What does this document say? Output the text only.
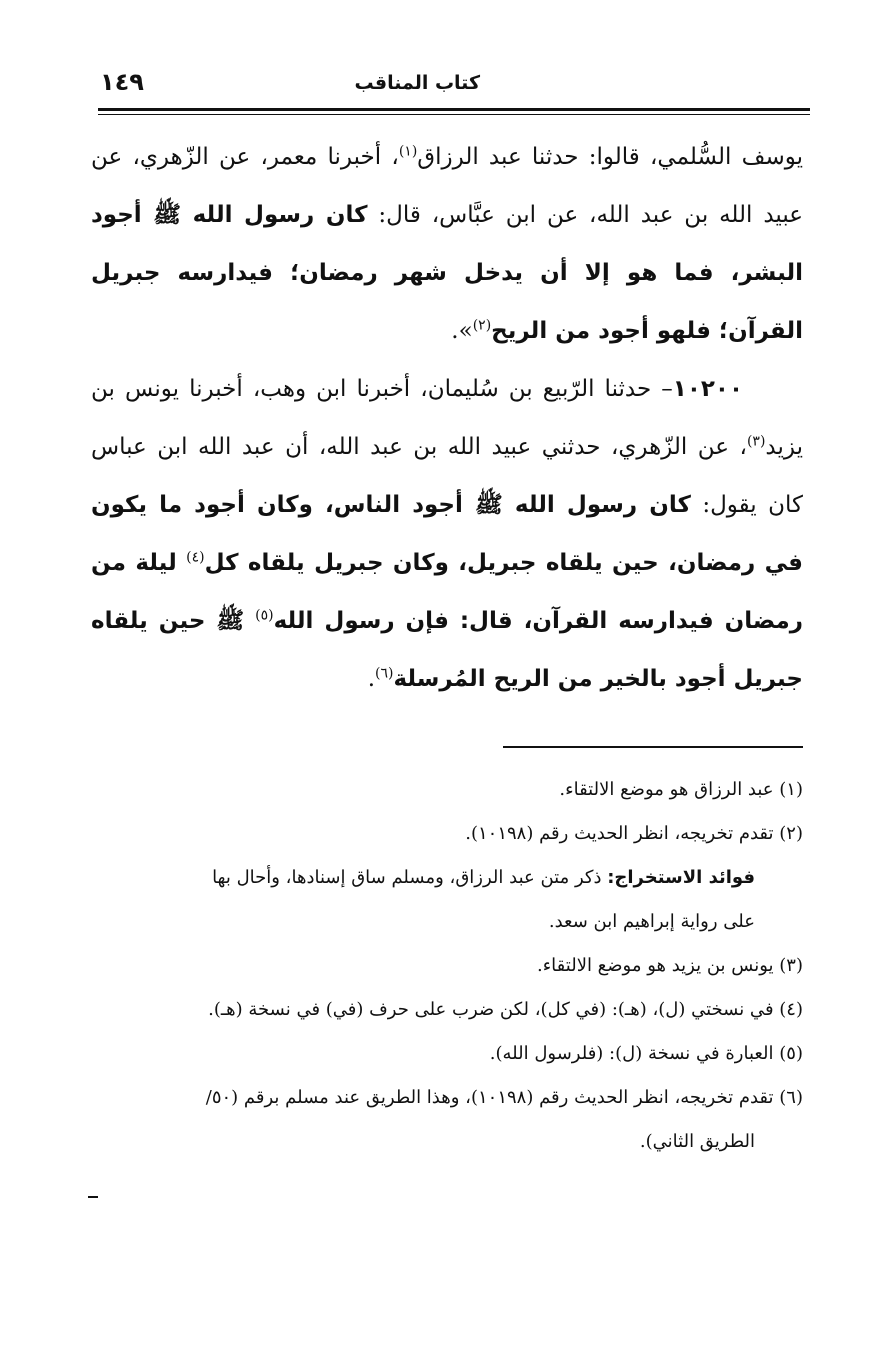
كتاب المناقب
١٤٩

يوسف السُّلمي، قالوا: حدثنا عبد الرزاق$^{(١)}$، أخبرنا معمر، عن الزّهري، عن عبيد الله بن عبد الله، عن ابن عبَّاس، قال: كان رسول الله ﷺ أجود البشر، فما هو إلا أن يدخل شهر رمضان؛ فيدارسه جبريل القرآن؛ فلهو أجود من الريح$^{(٢)}$».

١٠٢٠٠– حدثنا الرّبيع بن سُليمان، أخبرنا ابن وهب، أخبرنا يونس بن يزيد$^{(٣)}$، عن الزّهري، حدثني عبيد الله بن عبد الله، أن عبد الله ابن عباس كان يقول: كان رسول الله ﷺ أجود الناس، وكان أجود ما يكون في رمضان، حين يلقاه جبريل، وكان جبريل يلقاه كل$^{(٤)}$ ليلة من رمضان فيدارسه القرآن، قال: فإن رسول الله$^{(٥)}$ ﷺ حين يلقاه جبريل أجود بالخير من الريح المُرسلة$^{(٦)}$.

(١) عبد الرزاق هو موضع الالتقاء.

(٢) تقدم تخريجه، انظر الحديث رقم (١٠١٩٨).

فوائد الاستخراج: ذكر متن عبد الرزاق، ومسلم ساق إسنادها، وأحال بها

على رواية إبراهيم ابن سعد.

(٣) يونس بن يزيد هو موضع الالتقاء.

(٤) في نسختي (ل)، (هـ): (في كل)، لكن ضرب على حرف (في) في نسخة (هـ).

(٥) العبارة في نسخة (ل): (فلرسول الله).

(٦) تقدم تخريجه، انظر الحديث رقم (١٠١٩٨)، وهذا الطريق عند مسلم برقم (٥٠/

الطريق الثاني).
